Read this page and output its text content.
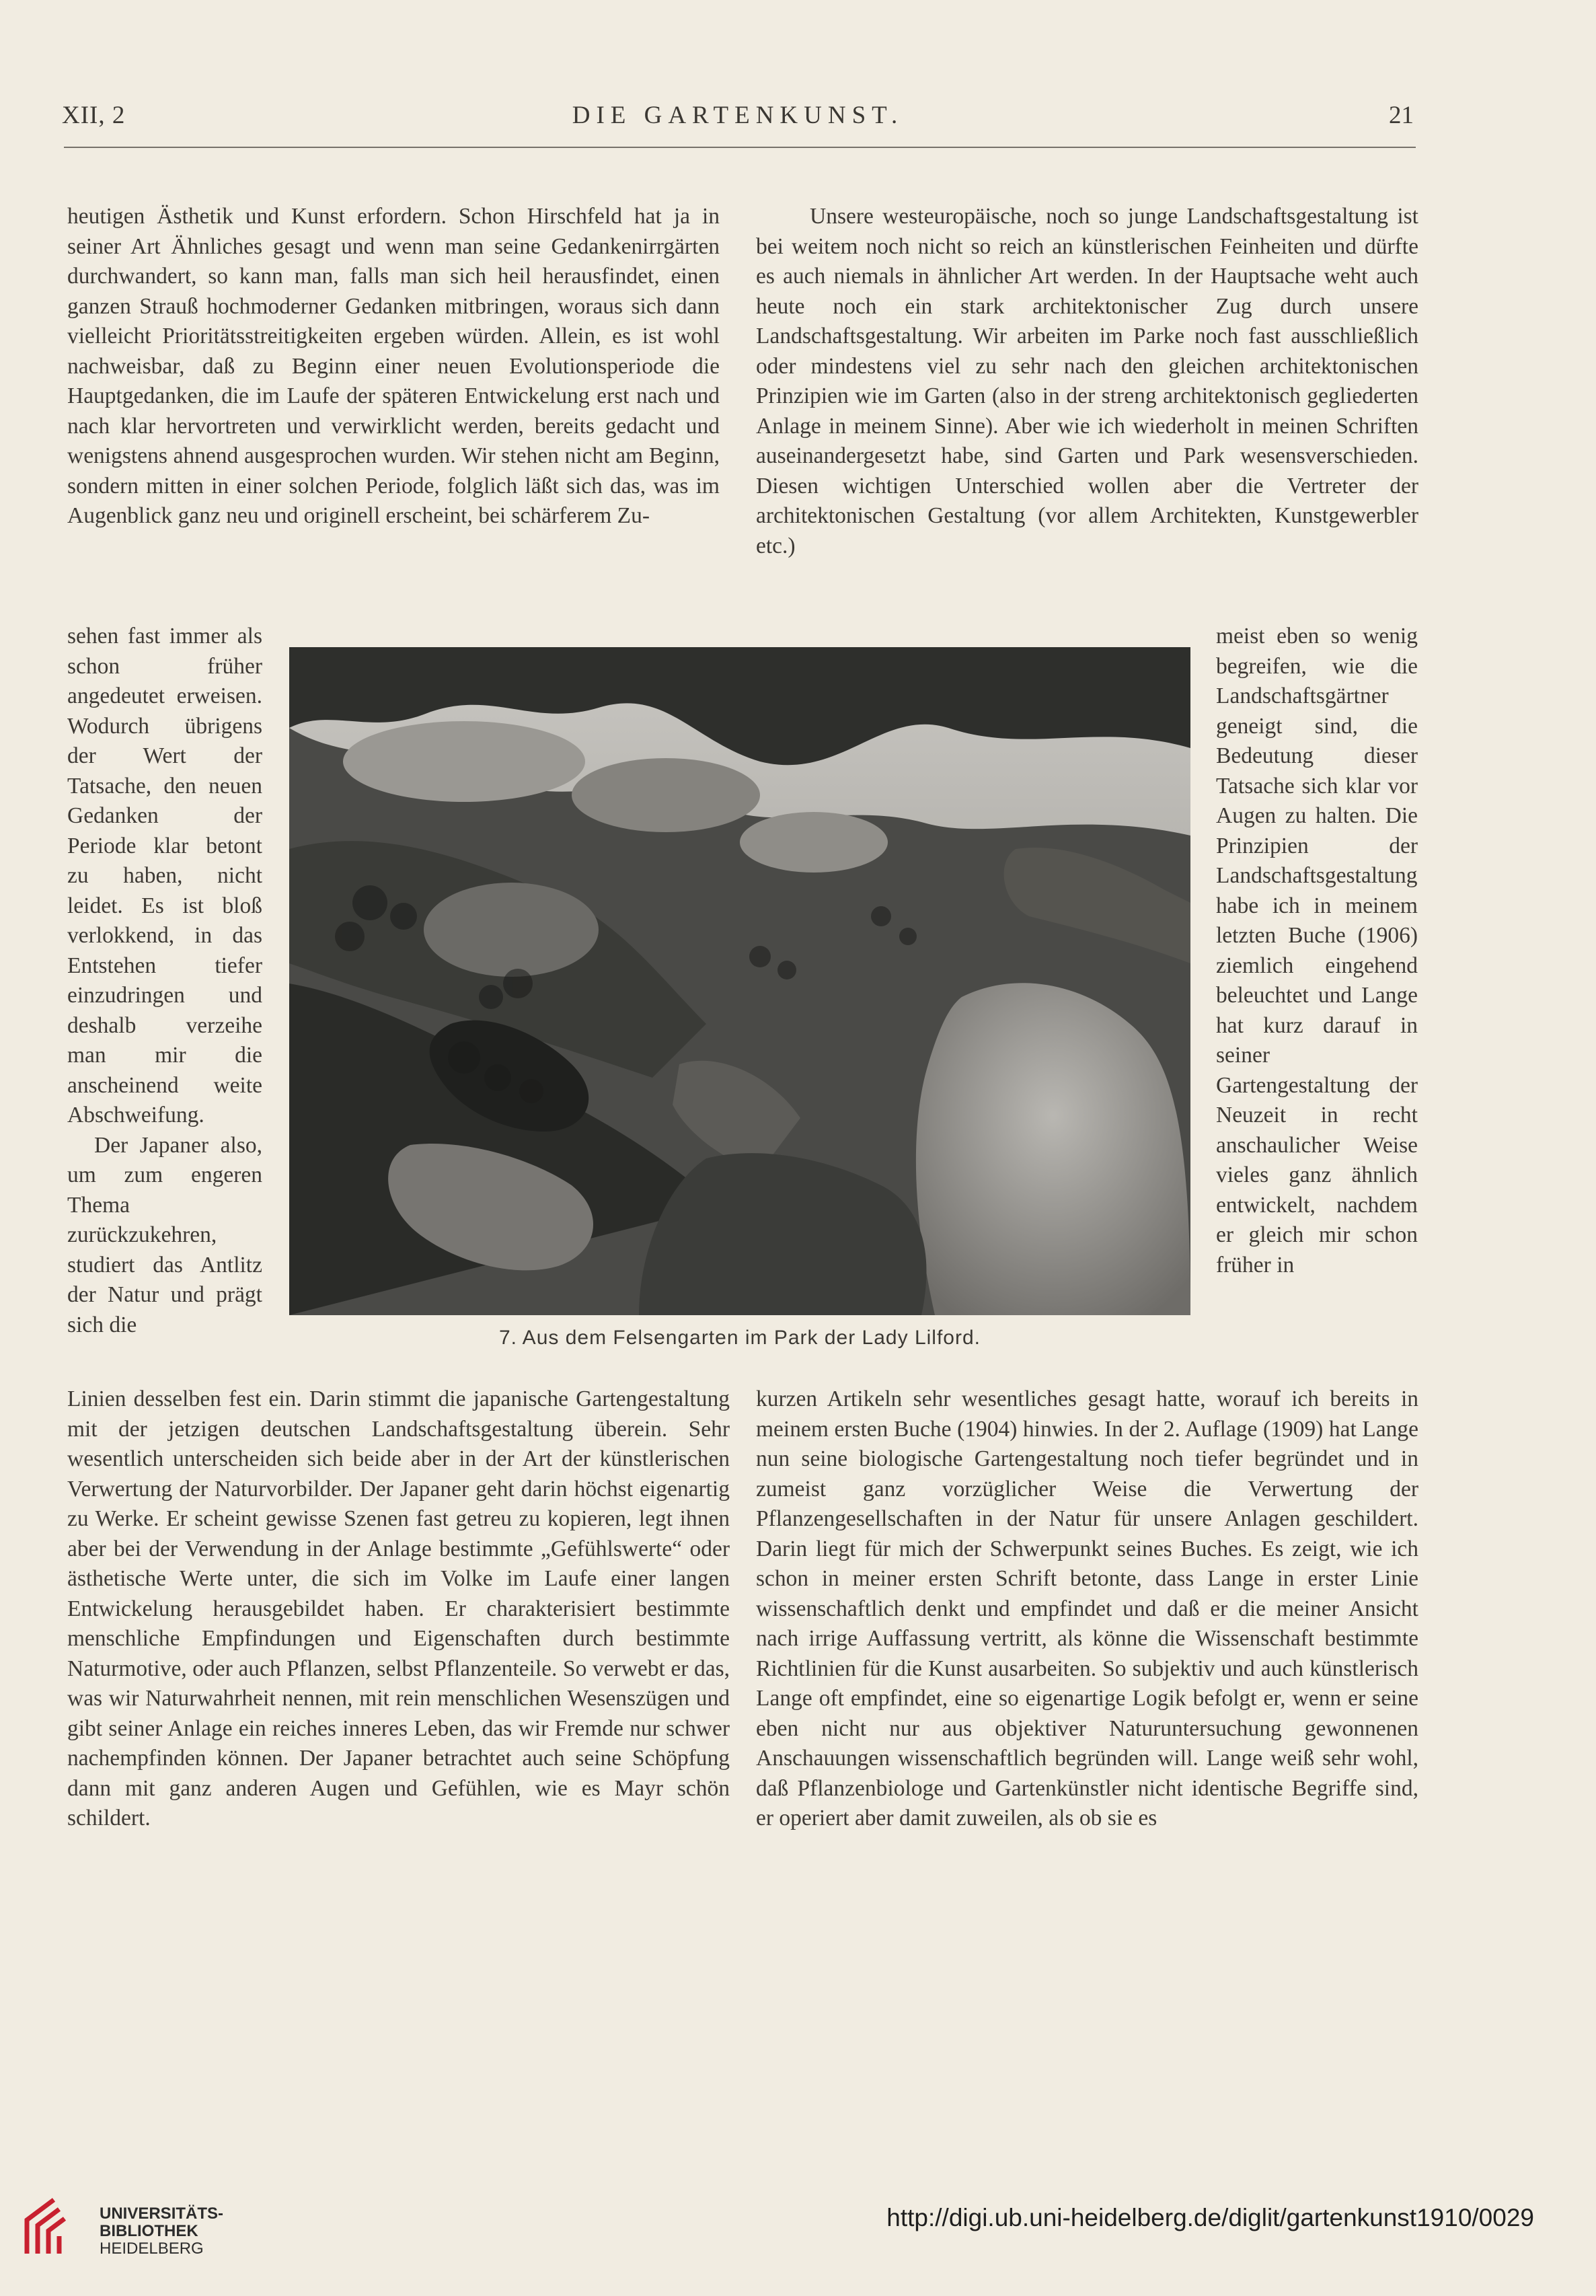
XII, 2	DIE GARTENKUNST.	21

heutigen Ästhetik und Kunst erfordern. Schon Hirschfeld hat ja in seiner Art Ähnliches gesagt und wenn man seine Gedankenirrgärten durchwandert, so kann man, falls man sich heil herausfindet, einen ganzen Strauß hochmoderner Gedanken mitbringen, woraus sich dann vielleicht Prioritätsstreitigkeiten ergeben würden. Allein, es ist wohl nachweisbar, daß zu Beginn einer neuen Evolutionsperiode die Hauptgedanken, die im Laufe der späteren Entwickelung erst nach und nach klar hervortreten und verwirklicht werden, bereits gedacht und wenigstens ahnend ausgesprochen wurden. Wir stehen nicht am Beginn, sondern mitten in einer solchen Periode, folglich läßt sich das, was im Augenblick ganz neu und originell erscheint, bei schärferem Zu-

Unsere westeuropäische, noch so junge Landschaftsgestaltung ist bei weitem noch nicht so reich an künstlerischen Feinheiten und dürfte es auch niemals in ähnlicher Art werden. In der Hauptsache weht auch heute noch ein stark architektonischer Zug durch unsere Landschaftsgestaltung. Wir arbeiten im Parke noch fast ausschließlich oder mindestens viel zu sehr nach den gleichen architektonischen Prinzipien wie im Garten (also in der streng architektonisch gegliederten Anlage in meinem Sinne). Aber wie ich wiederholt in meinen Schriften auseinandergesetzt habe, sind Garten und Park wesensverschieden. Diesen wichtigen Unterschied wollen aber die Vertreter der architektonischen Gestaltung (vor allem Architekten, Kunstgewerbler etc.)

sehen fast immer als schon früher angedeutet erweisen. Wodurch übrigens der Wert der Tatsache, den neuen Gedanken der Periode klar betont zu haben, nicht leidet. Es ist bloß verlokkend, in das Entstehen tiefer einzudringen und deshalb verzeihe man mir die anscheinend weite Abschweifung.

Der Japaner also, um zum engeren Thema zurückzukehren, studiert das Antlitz der Natur und prägt sich die

7. Aus dem Felsengarten im Park der Lady Lilford.

meist eben so wenig begreifen, wie die Landschaftsgärtner geneigt sind, die Bedeutung dieser Tatsache sich klar vor Augen zu halten. Die Prinzipien der Landschaftsgestaltung habe ich in meinem letzten Buche (1906) ziemlich eingehend beleuchtet und Lange hat kurz darauf in seiner Gartengestaltung der Neuzeit in recht anschaulicher Weise vieles ganz ähnlich entwickelt, nachdem er gleich mir schon früher in

Linien desselben fest ein. Darin stimmt die japanische Gartengestaltung mit der jetzigen deutschen Landschaftsgestaltung überein. Sehr wesentlich unterscheiden sich beide aber in der Art der künstlerischen Verwertung der Naturvorbilder. Der Japaner geht darin höchst eigenartig zu Werke. Er scheint gewisse Szenen fast getreu zu kopieren, legt ihnen aber bei der Verwendung in der Anlage bestimmte „Gefühlswerte“ oder ästhetische Werte unter, die sich im Volke im Laufe einer langen Entwickelung herausgebildet haben. Er charakterisiert bestimmte menschliche Empfindungen und Eigenschaften durch bestimmte Naturmotive, oder auch Pflanzen, selbst Pflanzenteile. So verwebt er das, was wir Naturwahrheit nennen, mit rein menschlichen Wesenszügen und gibt seiner Anlage ein reiches inneres Leben, das wir Fremde nur schwer nachempfinden können. Der Japaner betrachtet auch seine Schöpfung dann mit ganz anderen Augen und Gefühlen, wie es Mayr schön schildert.

kurzen Artikeln sehr wesentliches gesagt hatte, worauf ich bereits in meinem ersten Buche (1904) hinwies. In der 2. Auflage (1909) hat Lange nun seine biologische Gartengestaltung noch tiefer begründet und in zumeist ganz vorzüglicher Weise die Verwertung der Pflanzengesellschaften in der Natur für unsere Anlagen geschildert. Darin liegt für mich der Schwerpunkt seines Buches. Es zeigt, wie ich schon in meiner ersten Schrift betonte, dass Lange in erster Linie wissenschaftlich denkt und empfindet und daß er die meiner Ansicht nach irrige Auffassung vertritt, als könne die Wissenschaft bestimmte Richtlinien für die Kunst ausarbeiten. So subjektiv und auch künstlerisch Lange oft empfindet, eine so eigenartige Logik befolgt er, wenn er seine eben nicht nur aus objektiver Naturuntersuchung gewonnenen Anschauungen wissenschaftlich begründen will. Lange weiß sehr wohl, daß Pflanzenbiologe und Gartenkünstler nicht identische Begriffe sind, er operiert aber damit zuweilen, als ob sie es

UNIVERSITÄTS-
BIBLIOTHEK
HEIDELBERG
http://digi.ub.uni-heidelberg.de/diglit/gartenkunst1910/0029
